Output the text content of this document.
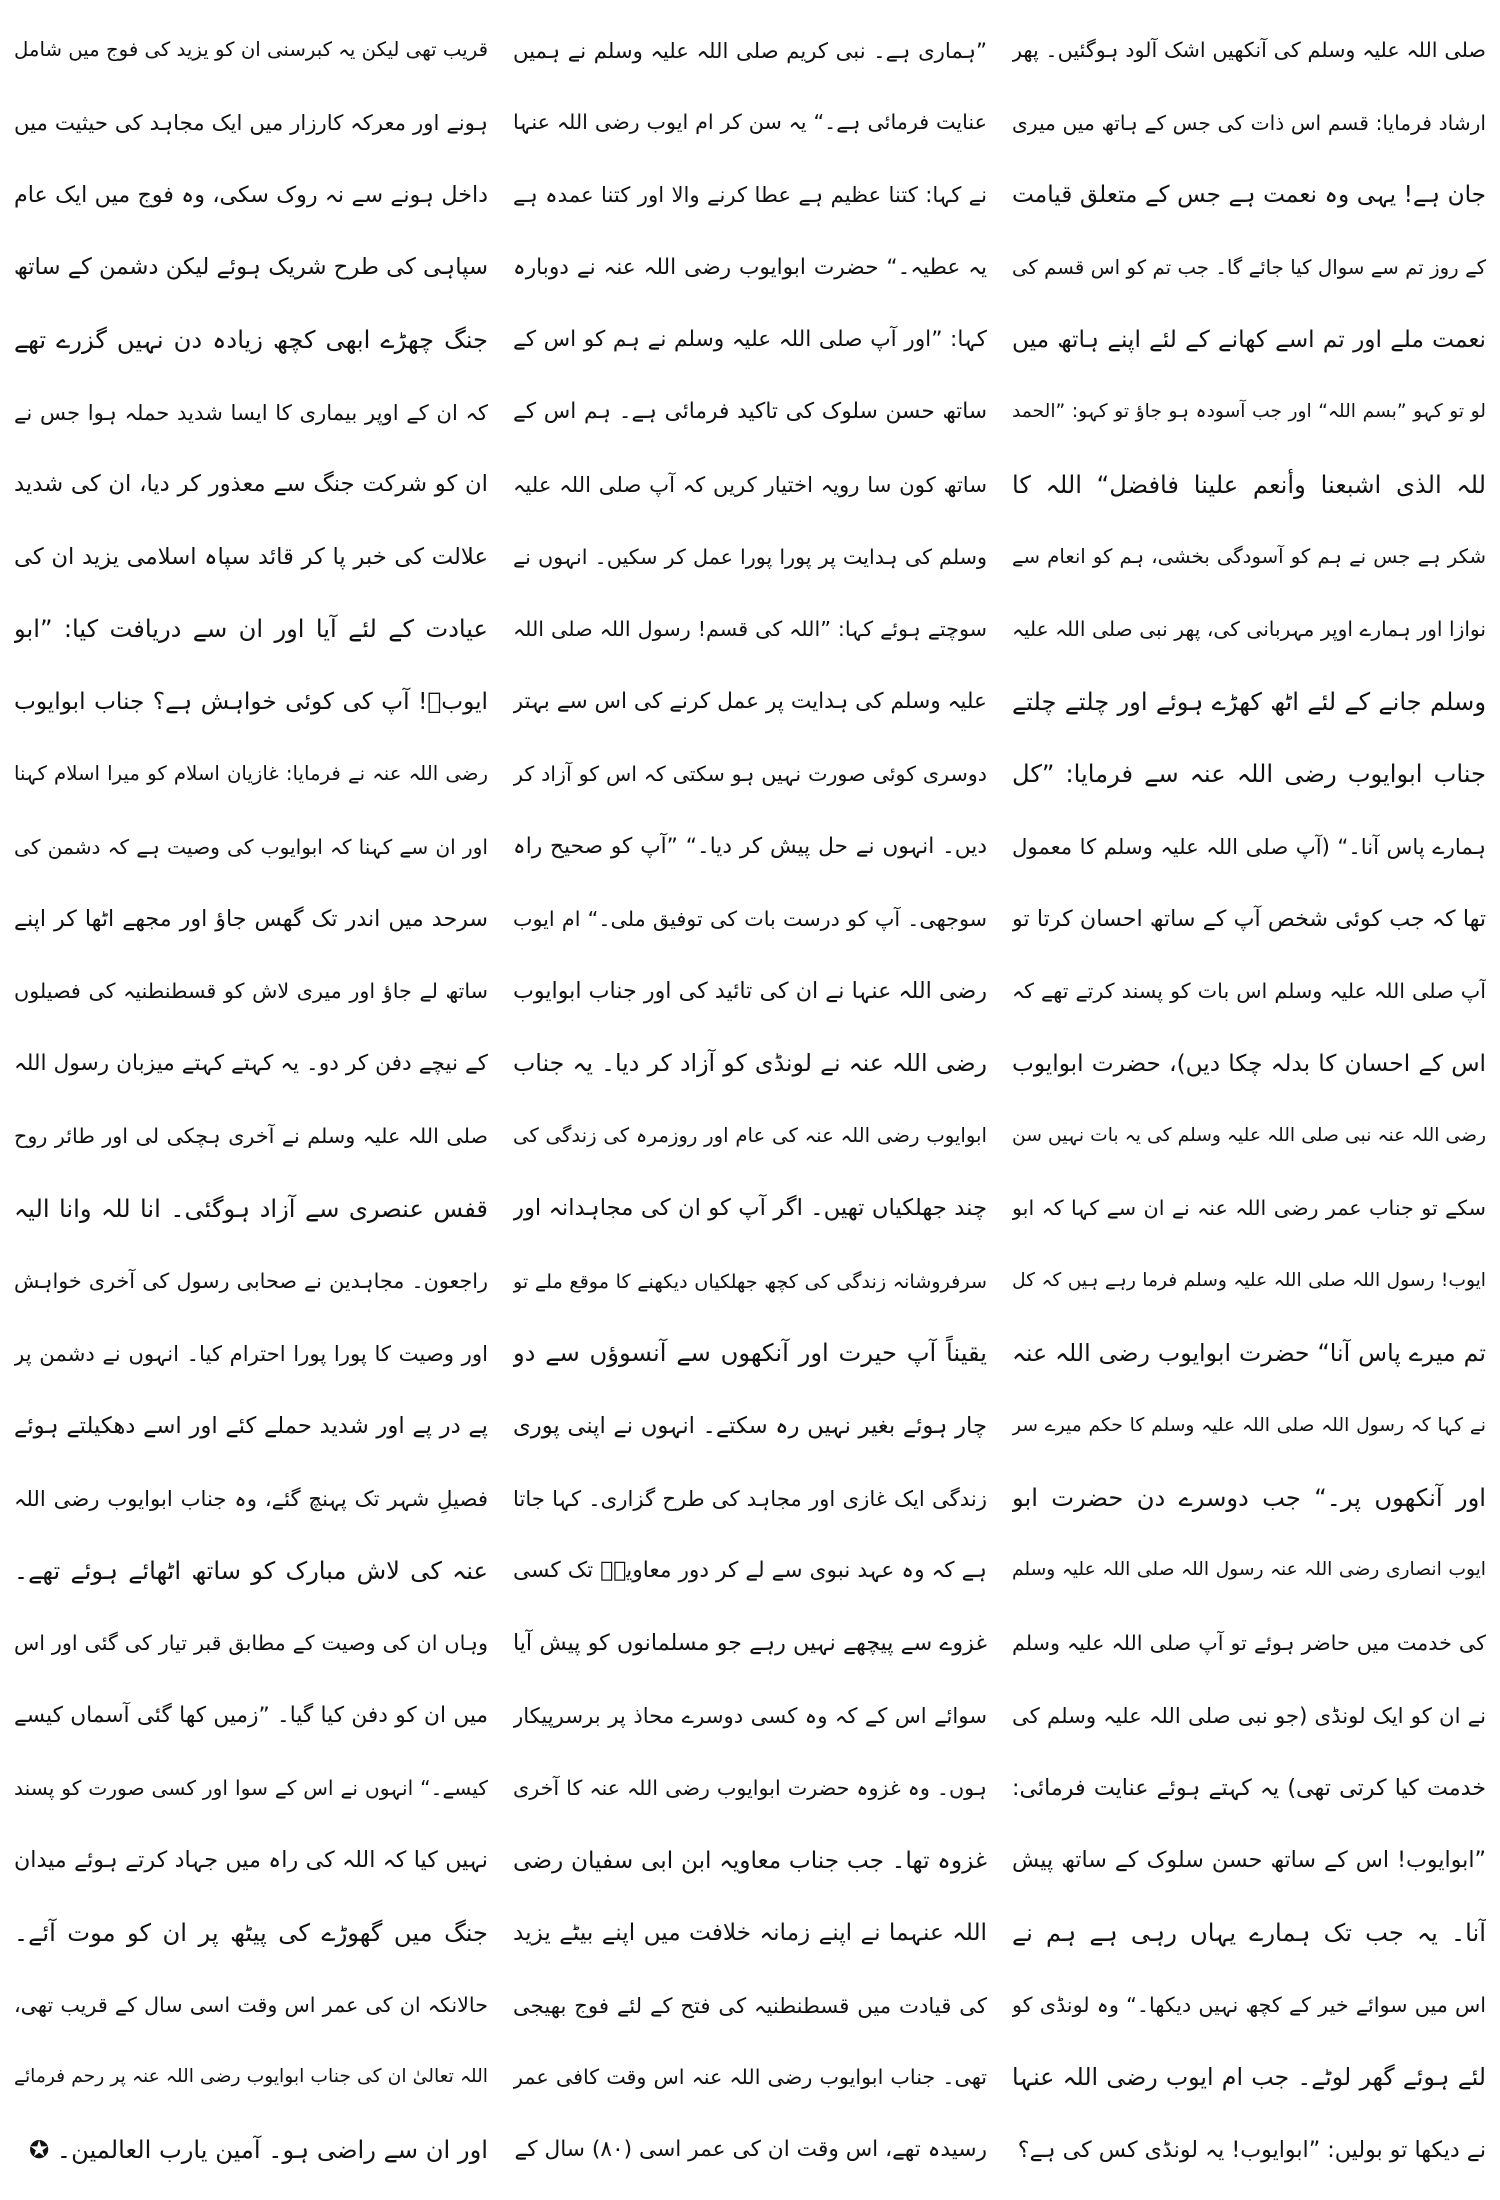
صلی اللہ علیہ وسلم کی آنکھیں اشک آلود ہوگئیں۔ پھر
ارشاد فرمایا: قسم اس ذات کی جس کے ہاتھ میں میری
جان ہے! یہی وہ نعمت ہے جس کے متعلق قیامت
کے روز تم سے سوال کیا جائے گا۔ جب تم کو اس قسم کی
نعمت ملے اور تم اسے کھانے کے لئے اپنے ہاتھ میں
لو تو کہو ”بسم اللہ“ اور جب آسودہ ہو جاؤ تو کہو: ”الحمد
للہ الذی اشبعنا وأنعم علینا فافضل“ اللہ کا
شکر ہے جس نے ہم کو آسودگی بخشی، ہم کو انعام سے
نوازا اور ہمارے اوپر مہربانی کی، پھر نبی صلی اللہ علیہ
وسلم جانے کے لئے اٹھ کھڑے ہوئے اور چلتے چلتے
جناب ابوایوب رضی اللہ عنہ سے فرمایا: ”کل
ہمارے پاس آنا۔“ (آپ صلی اللہ علیہ وسلم کا معمول
تھا کہ جب کوئی شخص آپ کے ساتھ احسان کرتا تو
آپ صلی اللہ علیہ وسلم اس بات کو پسند کرتے تھے کہ
اس کے احسان کا بدلہ چکا دیں)، حضرت ابوایوب
رضی اللہ عنہ نبی صلی اللہ علیہ وسلم کی یہ بات نہیں سن
سکے تو جناب عمر رضی اللہ عنہ نے ان سے کہا کہ ابو
ایوب! رسول اللہ صلی اللہ علیہ وسلم فرما رہے ہیں کہ کل
تم میرے پاس آنا“ حضرت ابوایوب رضی اللہ عنہ
نے کہا کہ رسول اللہ صلی اللہ علیہ وسلم کا حکم میرے سر
اور آنکھوں پر۔“ جب دوسرے دن حضرت ابو
ایوب انصاری رضی اللہ عنہ رسول اللہ صلی اللہ علیہ وسلم
کی خدمت میں حاضر ہوئے تو آپ صلی اللہ علیہ وسلم
نے ان کو ایک لونڈی (جو نبی صلی اللہ علیہ وسلم کی
خدمت کیا کرتی تھی) یہ کہتے ہوئے عنایت فرمائی:
”ابوایوب! اس کے ساتھ حسن سلوک کے ساتھ پیش
آنا۔ یہ جب تک ہمارے یہاں رہی ہے ہم نے
اس میں سوائے خیر کے کچھ نہیں دیکھا۔“ وہ لونڈی کو
لئے ہوئے گھر لوٹے۔ جب ام ایوب رضی اللہ عنہا
نے دیکھا تو بولیں: ”ابوایوب! یہ لونڈی کس کی ہے؟
”ہماری ہے۔ نبی کریم صلی اللہ علیہ وسلم نے ہمیں
عنایت فرمائی ہے۔“ یہ سن کر ام ایوب رضی اللہ عنہا
نے کہا: کتنا عظیم ہے عطا کرنے والا اور کتنا عمدہ ہے
یہ عطیہ۔“ حضرت ابوایوب رضی اللہ عنہ نے دوبارہ
کہا: ”اور آپ صلی اللہ علیہ وسلم نے ہم کو اس کے
ساتھ حسن سلوک کی تاکید فرمائی ہے۔ ہم اس کے
ساتھ کون سا رویہ اختیار کریں کہ آپ صلی اللہ علیہ
وسلم کی ہدایت پر پورا پورا عمل کر سکیں۔ انہوں نے
سوچتے ہوئے کہا: ”اللہ کی قسم! رسول اللہ صلی اللہ
علیہ وسلم کی ہدایت پر عمل کرنے کی اس سے بہتر
دوسری کوئی صورت نہیں ہو سکتی کہ اس کو آزاد کر
دیں۔ انہوں نے حل پیش کر دیا۔“ ”آپ کو صحیح راہ
سوجھی۔ آپ کو درست بات کی توفیق ملی۔“ ام ایوب
رضی اللہ عنہا نے ان کی تائید کی اور جناب ابوایوب
رضی اللہ عنہ نے لونڈی کو آزاد کر دیا۔ یہ جناب
ابوایوب رضی اللہ عنہ کی عام اور روزمرہ کی زندگی کی
چند جھلکیاں تھیں۔ اگر آپ کو ان کی مجاہدانہ اور
سرفروشانہ زندگی کی کچھ جھلکیاں دیکھنے کا موقع ملے تو
یقیناً آپ حیرت اور آنکھوں سے آنسوؤں سے دو
چار ہوئے بغیر نہیں رہ سکتے۔ انہوں نے اپنی پوری
زندگی ایک غازی اور مجاہد کی طرح گزاری۔ کہا جاتا
ہے کہ وہ عہد نبوی سے لے کر دور معاویہؓ تک کسی
غزوے سے پیچھے نہیں رہے جو مسلمانوں کو پیش آیا
سوائے اس کے کہ وہ کسی دوسرے محاذ پر برسرپیکار
ہوں۔ وہ غزوہ حضرت ابوایوب رضی اللہ عنہ کا آخری
غزوہ تھا۔ جب جناب معاویہ ابن ابی سفیان رضی
اللہ عنہما نے اپنے زمانہ خلافت میں اپنے بیٹے یزید
کی قیادت میں قسطنطنیہ کی فتح کے لئے فوج بھیجی
تھی۔ جناب ابوایوب رضی اللہ عنہ اس وقت کافی عمر
رسیدہ تھے، اس وقت ان کی عمر اسی (۸۰) سال کے
قریب تھی لیکن یہ کبرسنی ان کو یزید کی فوج میں شامل
ہونے اور معرکہ کارزار میں ایک مجاہد کی حیثیت میں
داخل ہونے سے نہ روک سکی، وہ فوج میں ایک عام
سپاہی کی طرح شریک ہوئے لیکن دشمن کے ساتھ
جنگ چھڑے ابھی کچھ زیادہ دن نہیں گزرے تھے
کہ ان کے اوپر بیماری کا ایسا شدید حملہ ہوا جس نے
ان کو شرکت جنگ سے معذور کر دیا، ان کی شدید
علالت کی خبر پا کر قائد سپاہ اسلامی یزید ان کی
عیادت کے لئے آیا اور ان سے دریافت کیا: ”ابو
ایوبؓ! آپ کی کوئی خواہش ہے؟ جناب ابوایوب
رضی اللہ عنہ نے فرمایا: غازیان اسلام کو میرا اسلام کہنا
اور ان سے کہنا کہ ابوایوب کی وصیت ہے کہ دشمن کی
سرحد میں اندر تک گھس جاؤ اور مجھے اٹھا کر اپنے
ساتھ لے جاؤ اور میری لاش کو قسطنطنیہ کی فصیلوں
کے نیچے دفن کر دو۔ یہ کہتے کہتے میزبان رسول اللہ
صلی اللہ علیہ وسلم نے آخری ہچکی لی اور طائر روح
قفس عنصری سے آزاد ہوگئی۔ انا للہ وانا الیہ
راجعون۔ مجاہدین نے صحابی رسول کی آخری خواہش
اور وصیت کا پورا پورا احترام کیا۔ انہوں نے دشمن پر
پے در پے اور شدید حملے کئے اور اسے دھکیلتے ہوئے
فصیلِ شہر تک پہنچ گئے، وہ جناب ابوایوب رضی اللہ
عنہ کی لاش مبارک کو ساتھ اٹھائے ہوئے تھے۔
وہاں ان کی وصیت کے مطابق قبر تیار کی گئی اور اس
میں ان کو دفن کیا گیا۔ ”زمیں کھا گئی آسماں کیسے
کیسے۔“ انہوں نے اس کے سوا اور کسی صورت کو پسند
نہیں کیا کہ اللہ کی راہ میں جہاد کرتے ہوئے میدان
جنگ میں گھوڑے کی پیٹھ پر ان کو موت آئے۔
حالانکہ ان کی عمر اس وقت اسی سال کے قریب تھی،
اللہ تعالیٰ ان کی جناب ابوایوب رضی اللہ عنہ پر رحم فرمائے
اور ان سے راضی ہو۔ آمین یارب العالمین۔ ✪
